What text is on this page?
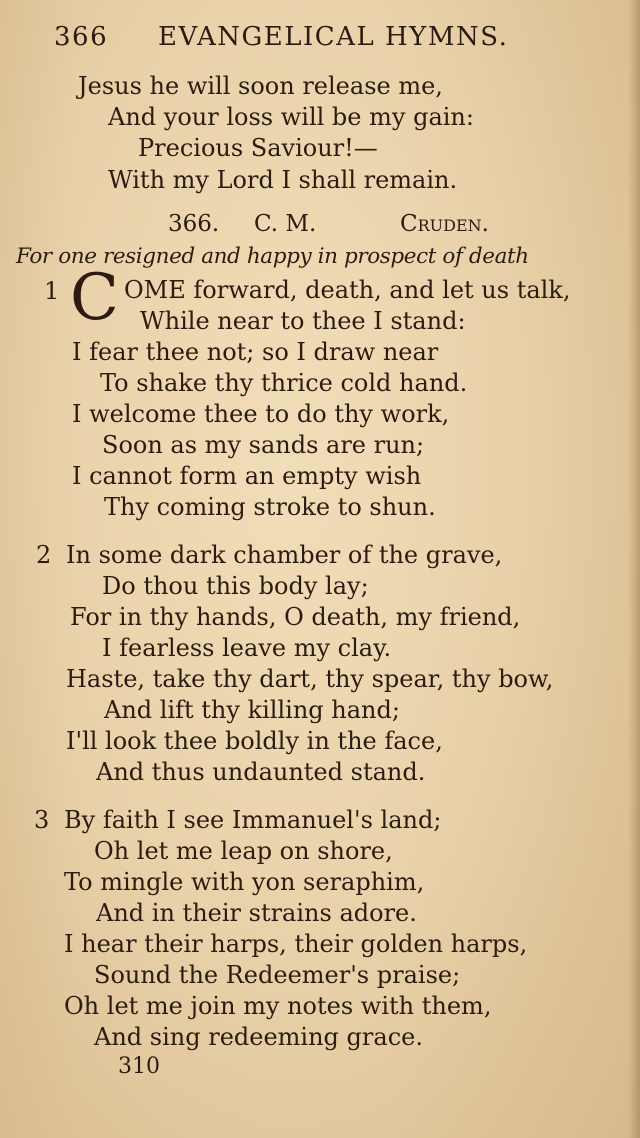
366 EVANGELICAL HYMNS.
Jesus he will soon release me,
And your loss will be my gain:
Precious Saviour!—
With my Lord I shall remain.
366. C. M.	Cruden.
For one resigned and happy in prospect of death
1 C OME forward, death, and let us talk,
While near to thee I stand:
I fear thee not; so I draw near
To shake thy thrice cold hand.
I welcome thee to do thy work,
Soon as my sands are run;
I cannot form an empty wish
Thy coming stroke to shun.
2 In some dark chamber of the grave,
Do thou this body lay;
For in thy hands, O death, my friend,
I fearless leave my clay.
Haste, take thy dart, thy spear, thy bow,
And lift thy killing hand;
I'll look thee boldly in the face,
And thus undaunted stand.
3 By faith I see Immanuel's land;
Oh let me leap on shore,
To mingle with yon seraphim,
And in their strains adore.
I hear their harps, their golden harps,
Sound the Redeemer's praise;
Oh let me join my notes with them,
And sing redeeming grace.
310
